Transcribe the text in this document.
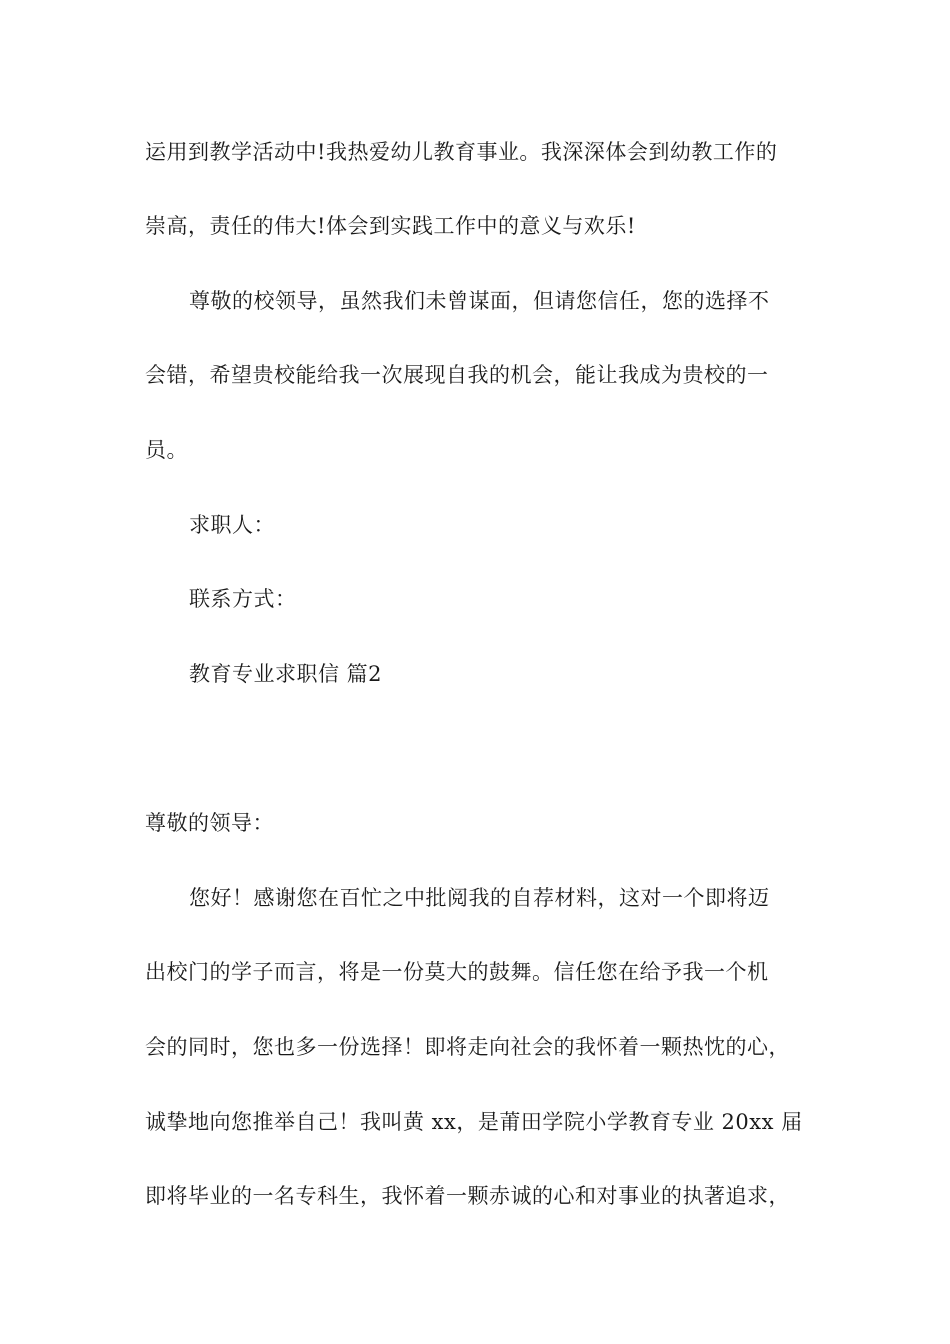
运用到教学活动中!我热爱幼儿教育事业。我深深体会到幼教工作的
崇高，责任的伟大!体会到实践工作中的意义与欢乐!
尊敬的校领导，虽然我们未曾谋面，但请您信任，您的选择不
会错，希望贵校能给我一次展现自我的机会，能让我成为贵校的一
员。
求职人：
联系方式：
教育专业求职信 篇2
尊敬的领导：
您好！感谢您在百忙之中批阅我的自荐材料，这对一个即将迈
出校门的学子而言，将是一份莫大的鼓舞。信任您在给予我一个机
会的同时，您也多一份选择！即将走向社会的我怀着一颗热忱的心，
诚挚地向您推举自己！我叫黄 xx，是莆田学院小学教育专业 20xx 届
即将毕业的一名专科生，我怀着一颗赤诚的心和对事业的执著追求，
